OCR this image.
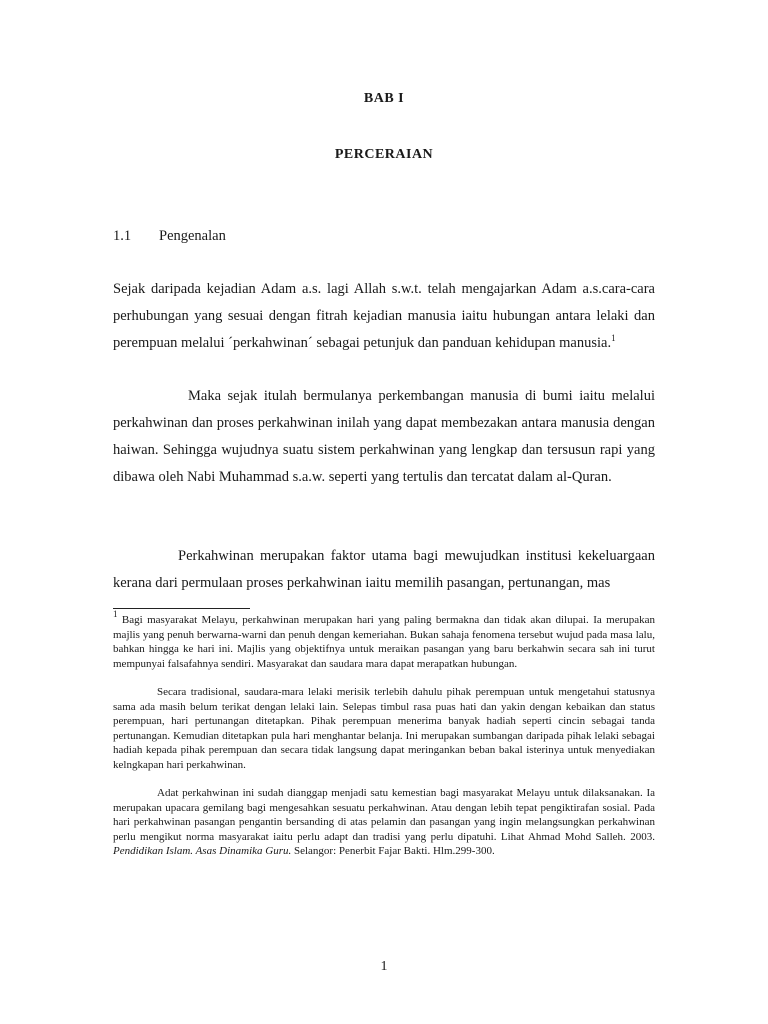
BAB I
PERCERAIAN
1.1 Pengenalan
Sejak daripada kejadian Adam a.s. lagi Allah s.w.t. telah mengajarkan Adam a.s.cara-cara perhubungan yang sesuai dengan fitrah kejadian manusia iaitu hubungan antara lelaki dan perempuan melalui ´perkahwinan´ sebagai petunjuk dan panduan kehidupan manusia.$^1$
Maka sejak itulah bermulanya perkembangan manusia di bumi iaitu melalui perkahwinan dan proses perkahwinan inilah yang dapat membezakan antara manusia dengan haiwan. Sehingga wujudnya suatu sistem perkahwinan yang lengkap dan tersusun rapi yang dibawa oleh Nabi Muhammad s.a.w. seperti yang tertulis dan tercatat dalam al-Quran.
Perkahwinan merupakan faktor utama bagi mewujudkan institusi kekeluargaan kerana dari permulaan proses perkahwinan iaitu memilih pasangan, pertunangan, mas

$^1$ Bagi masyarakat Melayu, perkahwinan merupakan hari yang paling bermakna dan tidak akan dilupai. Ia merupakan majlis yang penuh berwarna-warni dan penuh dengan kemeriahan. Bukan sahaja fenomena tersebut wujud pada masa lalu, bahkan hingga ke hari ini. Majlis yang objektifnya untuk meraikan pasangan yang baru berkahwin secara sah ini turut mempunyai falsafahnya sendiri. Masyarakat dan saudara mara dapat merapatkan hubungan.

Secara tradisional, saudara-mara lelaki merisik terlebih dahulu pihak perempuan untuk mengetahui statusnya sama ada masih belum terikat dengan lelaki lain. Selepas timbul rasa puas hati dan yakin dengan kebaikan dan status perempuan, hari pertunangan ditetapkan. Pihak perempuan menerima banyak hadiah seperti cincin sebagai tanda pertunangan. Kemudian ditetapkan pula hari menghantar belanja. Ini merupakan sumbangan daripada pihak lelaki sebagai hadiah kepada pihak perempuan dan secara tidak langsung dapat meringankan beban bakal isterinya untuk menyediakan kelngkapan hari perkahwinan.

Adat perkahwinan ini sudah dianggap menjadi satu kemestian bagi masyarakat Melayu untuk dilaksanakan. Ia merupakan upacara gemilang bagi mengesahkan sesuatu perkahwinan. Atau dengan lebih tepat pengiktirafan sosial. Pada hari perkahwinan pasangan pengantin bersanding di atas pelamin dan pasangan yang ingin melangsungkan perkahwinan perlu mengikut norma masyarakat iaitu perlu adapt dan tradisi yang perlu dipatuhi. Lihat Ahmad Mohd Salleh. 2003. Pendidikan Islam. Asas Dinamika Guru. Selangor: Penerbit Fajar Bakti. Hlm.299-300.

1
